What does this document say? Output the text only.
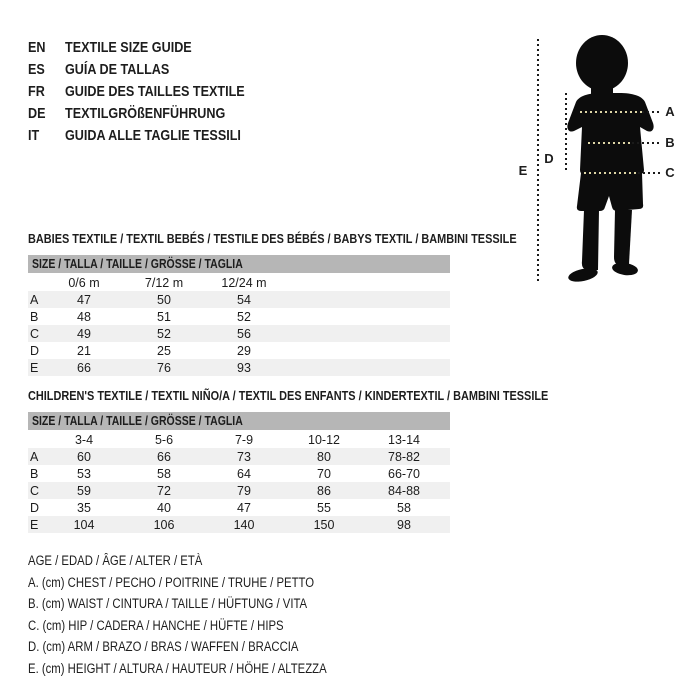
EN	TEXTILE SIZE GUIDE
ES	GUÍA DE TALLAS
FR	GUIDE DES TAILLES TEXTILE
DE	TEXTILGRÖßENFÜHRUNG
IT	GUIDA ALLE TAGLIE TESSILI
E
D
A
B
C
BABIES TEXTILE / TEXTIL BEBÉS / TESTILE DES BÉBÉS / BABYS TEXTIL / BAMBINI TESSILE
SIZE / TALLA / TAILLE / GRÖSSE / TAGLIA
	0/6 m	7/12 m	12/24 m	
A	47	50	54	
B	48	51	52	
C	49	52	56	
D	21	25	29	
E	66	76	93	
CHILDREN'S TEXTILE / TEXTIL NIÑO/A / TEXTIL DES ENFANTS / KINDERTEXTIL / BAMBINI TESSILE
SIZE / TALLA / TAILLE / GRÖSSE / TAGLIA
	3-4	5-6	7-9	10-12	13-14	
A	60	66	73	80	78-82	
B	53	58	64	70	66-70	
C	59	72	79	86	84-88	
D	35	40	47	55	58	
E	104	106	140	150	98	
AGE / EDAD / ÂGE / ALTER / ETÀ
A. (cm) CHEST / PECHO / POITRINE / TRUHE / PETTO
B. (cm) WAIST / CINTURA / TAILLE / HÜFTUNG / VITA
C. (cm) HIP / CADERA / HANCHE / HÜFTE / HIPS
D. (cm) ARM / BRAZO / BRAS / WAFFEN / BRACCIA
E. (cm) HEIGHT / ALTURA / HAUTEUR / HÖHE / ALTEZZA
